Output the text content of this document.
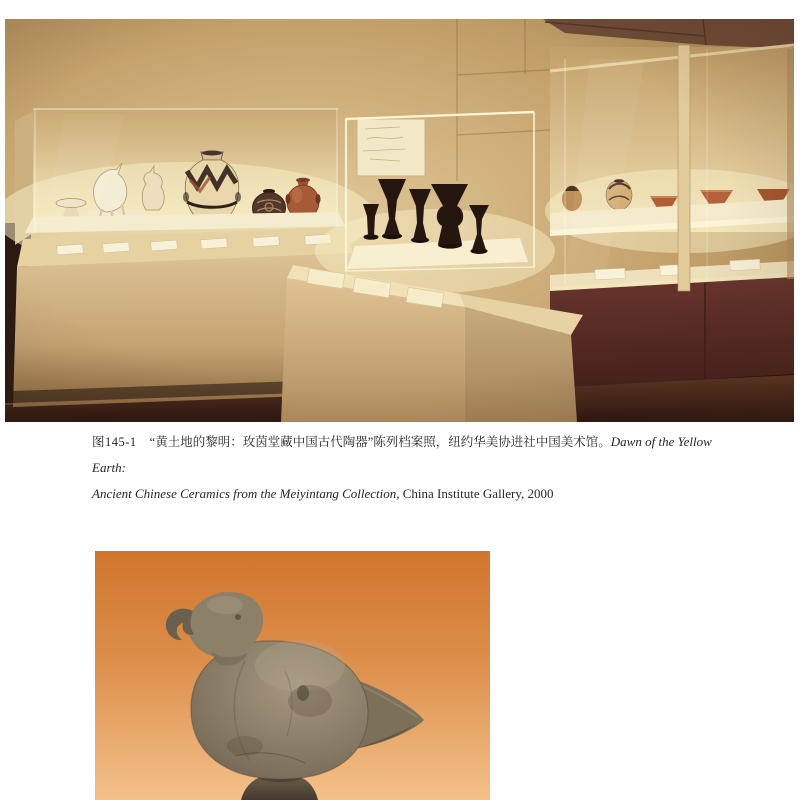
图145-1 “黄土地的黎明：玫茵堂藏中国古代陶器”陈列档案照，纽约华美协进社中国美术馆。Dawn of the Yellow Earth:
Ancient Chinese Ceramics from the Meiyintang Collection, China Institute Gallery, 2000
